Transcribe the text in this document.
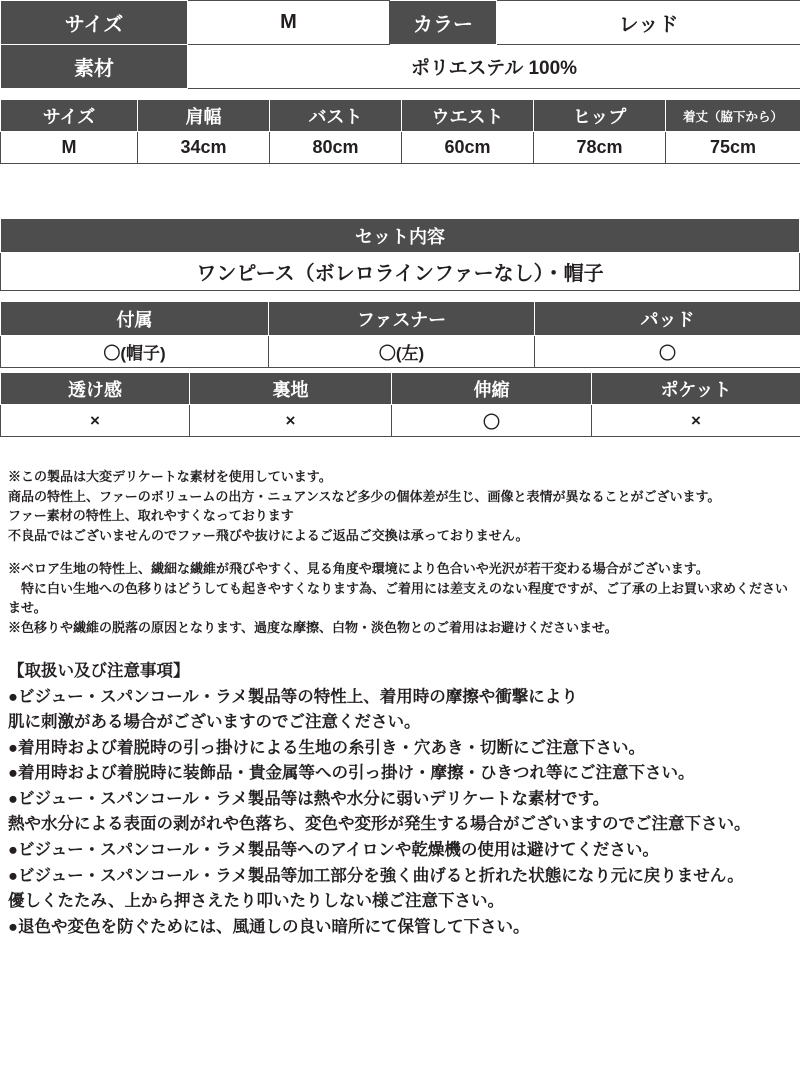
サイズ	M	カラー	レッド
素材	ポリエステル 100%		
サイズ	肩幅	バスト	ウエスト	ヒップ	着丈（脇下から）
M	34cm	80cm	60cm	78cm	75cm
セット内容
ワンピース（ボレロラインファーなし）・帽子
付属	ファスナー	パッド
〇(帽子)	〇(左)	〇
透け感	裏地	伸縮	ポケット
×	×	〇	×

※この製品は大変デリケートな素材を使用しています。

商品の特性上、ファーのボリュームの出方・ニュアンスなど多少の個体差が生じ、画像と表情が異なることがございます。

ファー素材の特性上、取れやすくなっております

不良品ではございませんのでファー飛びや抜けによるご返品ご交換は承っておりません。

※ベロア生地の特性上、繊細な繊維が飛びやすく、見る角度や環境により色合いや光沢が若干変わる場合がございます。

　特に白い生地への色移りはどうしても起きやすくなります為、ご着用には差支えのない程度ですが、ご了承の上お買い求めくださいませ。

※色移りや繊維の脱落の原因となります、過度な摩擦、白物・淡色物とのご着用はお避けくださいませ。

【取扱い及び注意事項】

●ビジュー・スパンコール・ラメ製品等の特性上、着用時の摩擦や衝撃により

肌に刺激がある場合がございますのでご注意ください。

●着用時および着脱時の引っ掛けによる生地の糸引き・穴あき・切断にご注意下さい。

●着用時および着脱時に装飾品・貴金属等への引っ掛け・摩擦・ひきつれ等にご注意下さい。

●ビジュー・スパンコール・ラメ製品等は熱や水分に弱いデリケートな素材です。

熱や水分による表面の剥がれや色落ち、変色や変形が発生する場合がございますのでご注意下さい。

●ビジュー・スパンコール・ラメ製品等へのアイロンや乾燥機の使用は避けてください。

●ビジュー・スパンコール・ラメ製品等加工部分を強く曲げると折れた状態になり元に戻りません。

優しくたたみ、上から押さえたり叩いたりしない様ご注意下さい。

●退色や変色を防ぐためには、風通しの良い暗所にて保管して下さい。
